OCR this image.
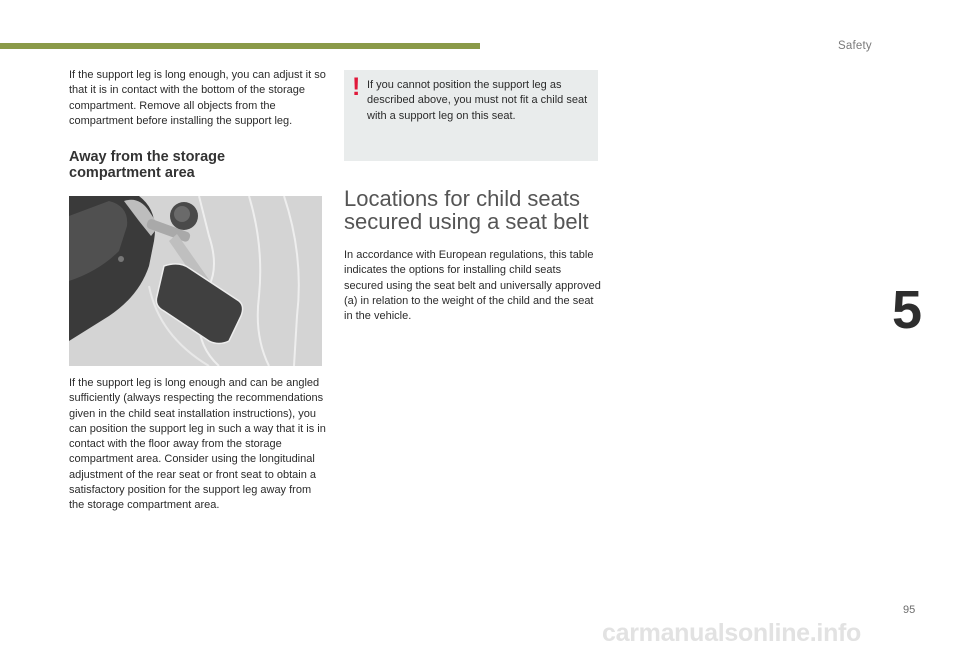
Safety
5
95

If the support leg is long enough, you can adjust it so that it is in contact with the bottom of the storage compartment. Remove all objects from the compartment before installing the support leg.

Away from the storage
compartment area

If the support leg is long enough and can be angled sufficiently (always respecting the recommendations given in the child seat installation instructions), you can position the support leg in such a way that it is in contact with the floor away from the storage compartment area. Consider using the longitudinal adjustment of the rear seat or front seat to obtain a satisfactory position for the support leg away from the storage compartment area.

! If you cannot position the support leg as described above, you must not fit a child seat with a support leg on this seat.

Locations for child seats
secured using a seat belt

In accordance with European regulations, this table indicates the options for installing child seats secured using the seat belt and universally approved (a) in relation to the weight of the child and the seat in the vehicle.

carmanualsonline.info
